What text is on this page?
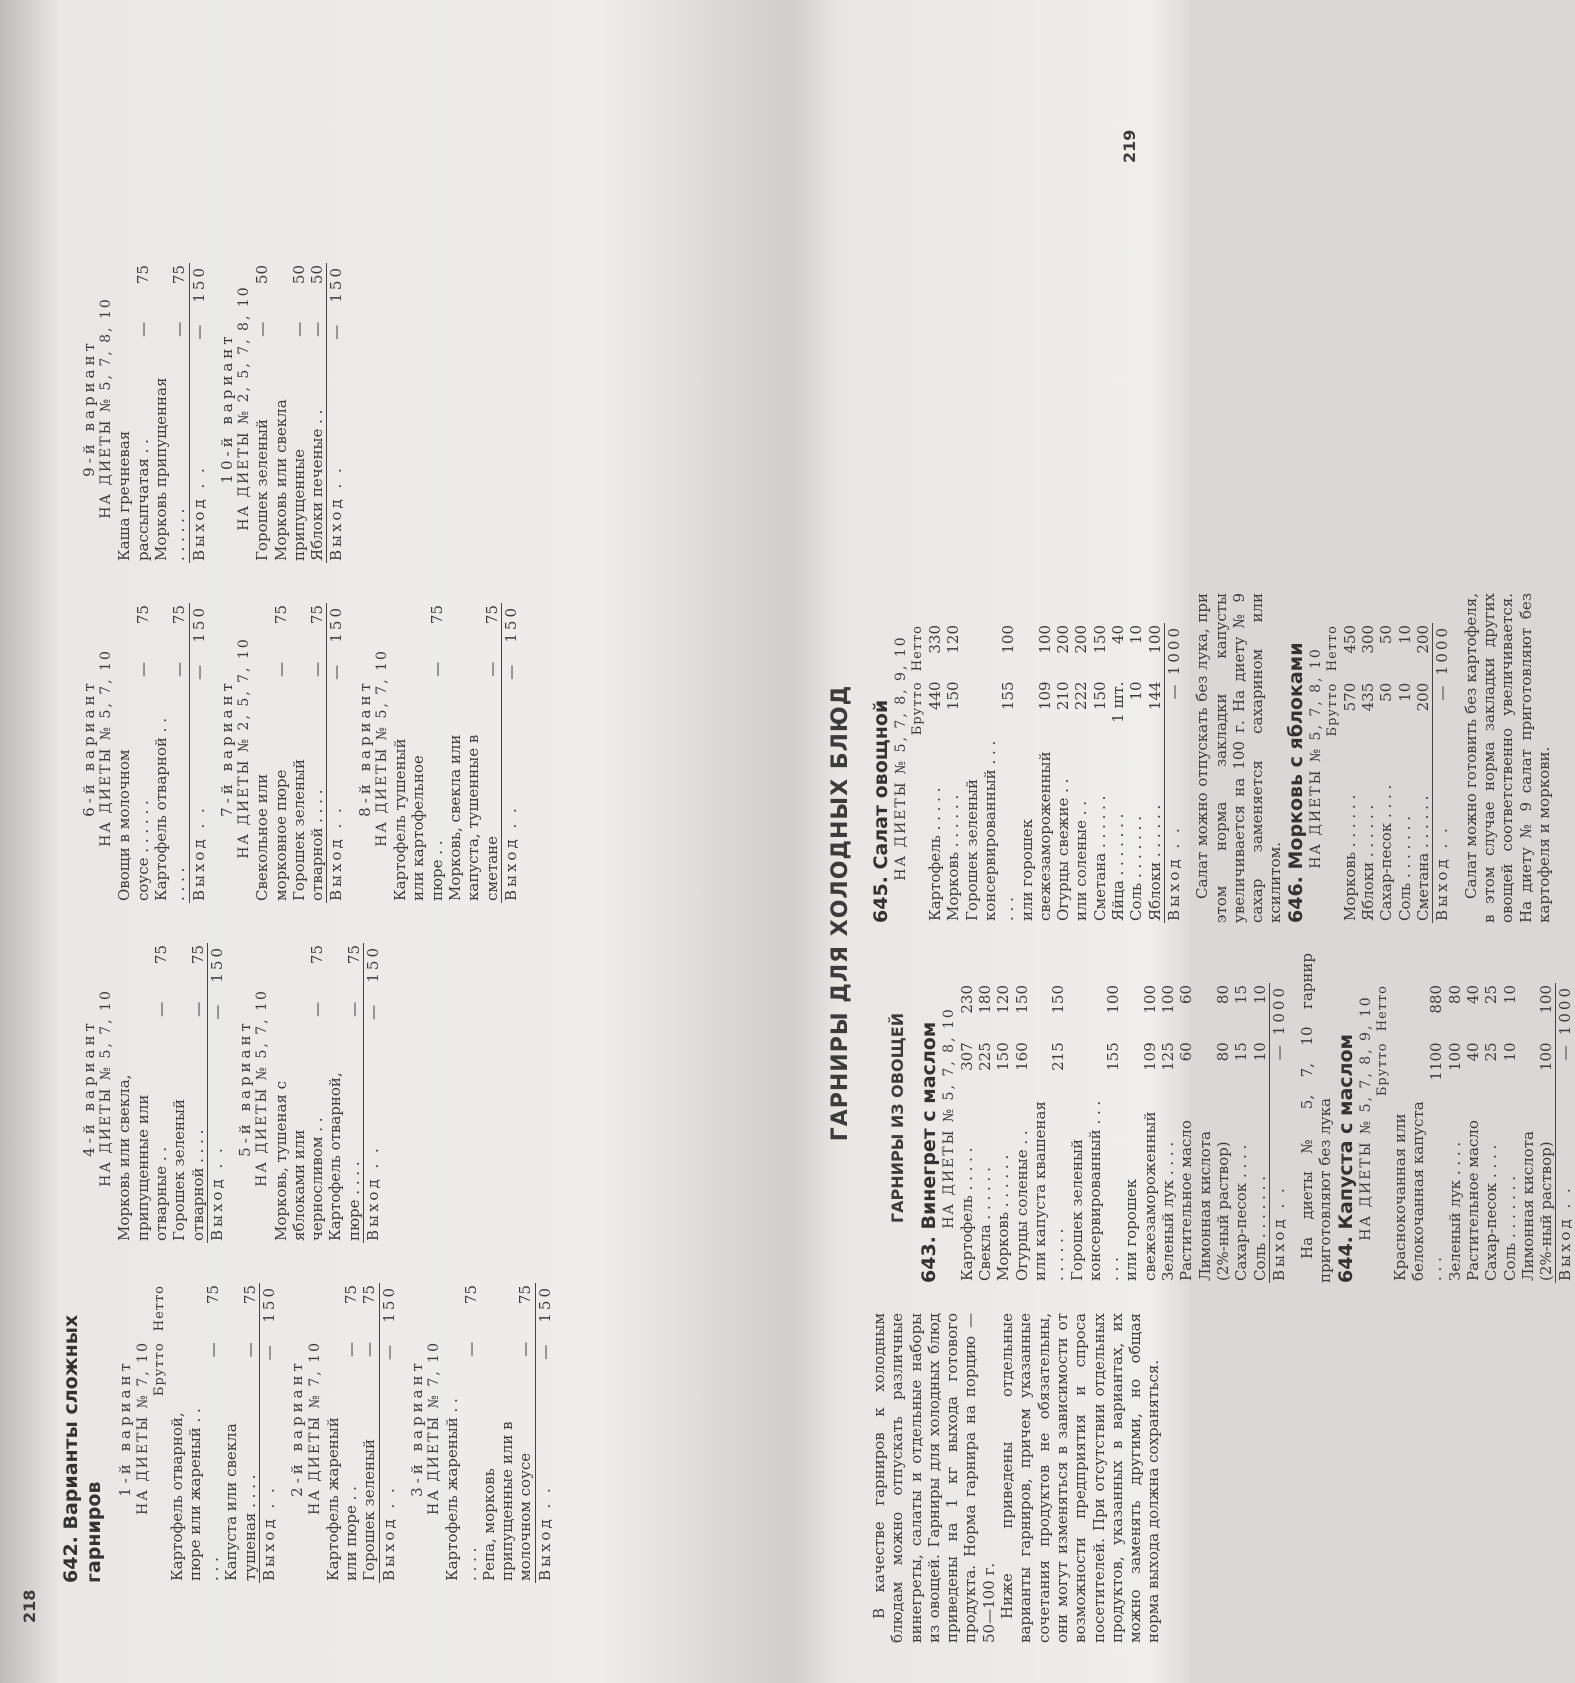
218
642. Варианты сложных гарниров
1-й вариант НА ДИЕТЫ № 7, 10
	Брутто	Нетто
Картофель отварной, пюре или жареный . . . . .	—	75
Капуста или свекла тушеная . . . .	—	75
Выход . .	—	150
2-й вариант НА ДИЕТЫ № 7, 10 Картофель жареный или пюре . .	—	75
Горошек зеленый	—	75
Выход . .	—	150
3-й вариант НА ДИЕТЫ № 7, 10 Картофель жареный . . . . . .	—	75
Репа, морковь припущенные или в молочном соусе	—	75
Выход . .	—	150
4-й вариант НА ДИЕТЫ № 5, 7, 10 Морковь или свекла, припущенные или отварные . .	—	75
Горошек зеленый отварной . . . .	—	75
Выход . .	—	150
5-й вариант НА ДИЕТЫ № 5, 7, 10 Морковь, тушеная с яблоками или черносливом . .	—	75
Картофель отварной, пюре . . . .	—	75
Выход . .	—	150
6-й вариант НА ДИЕТЫ № 5, 7, 10 Овощи в молочном соусе . . . . . .	—	75
Картофель отварной . . . . . .	—	75
Выход . .	—	150
7-й вариант НА ДИЕТЫ № 2, 5, 7, 10 Свекольное или морковное пюре	—	75
Горошек зеленый отварной . . . .	—	75
Выход . .	—	150
8-й вариант НА ДИЕТЫ № 5, 7, 10 Картофель тушеный или картофельное пюре . .	—	75
Морковь, свекла или капуста, тушенные в сметане	—	75
Выход . .	—	150
9-й вариант НА ДИЕТЫ № 5, 7, 8, 10 Каша гречневая рассыпчатая . .	—	75
Морковь припущенная . . . . . .	—	75
Выход . .	—	150
10-й вариант НА ДИЕТЫ № 2, 5, 7, 8, 10 Горошек зеленый	—	50
Морковь или свекла припущенные	—	50
Яблоки печеные . .	—	50
Выход . .	—	150
219
ГАРНИРЫ ДЛЯ ХОЛОДНЫХ БЛЮД

В качестве гарниров к холодным блюдам можно отпускать различные винегреты, салаты и отдельные наборы из овощей. Гарниры для холодных блюд приведены на 1 кг выхода готового продукта. Норма гарнира на порцию — 50—100 г. Ниже приведены отдельные варианты гарниров, причем указанные сочетания продуктов не обязательны, они могут изменяться в зависимости от возможности предприятия и спроса посетителей. При отсутствии отдельных продуктов, указанных в вариантах, их можно заменять другими, но общая норма выхода должна сохраняться.

ГАРНИРЫ ИЗ ОВОЩЕЙ 643. Винегрет с маслом НА ДИЕТЫ № 5, 7, 8, 10 Картофель . . . . .	307	230
Свекла . . . . . .	225	180
Морковь . . . . . .	150	120
Огурцы соленые . .	160	150
или капуста квашеная . . . . . .	215	150
Горошек зеленый консервированный . . . . . .	155	100
или горошек свежезамороженный	109	100
Зеленый лук . . . .	125	100
Растительное масло	60	60
Лимонная кислота (2%-ный раствор)	80	80
Сахар-песок . . . .	15	15
Соль . . . . . . .	10	10
Выход . .	—	1000 На диеты № 5, 7, 10 гарнир приготовляют без лука 644. Капуста с маслом НА ДИЕТЫ № 5, 7, 8, 9, 10
	Брутто	Нетто
Краснокочанная или белокочанная капуста . . .	1100	880
Зеленый лук . . . .	100	80
Растительное масло	40	40
Сахар-песок . . . .	25	25
Соль . . . . . . .	10	10
Лимонная кислота (2%-ный раствор)	100	100
Выход . .	—	1000
645. Салат овощной НА ДИЕТЫ № 5, 7, 8, 9, 10
	Брутто	Нетто
Картофель . . . . .	440	330
Морковь . . . . . .	150	120
Горошек зеленый консервированный . . . . . .	155	100
или горошек свежезамороженный	109	100
Огурцы свежие . .	210	200
или соленые . .	222	200
Сметана . . . . . .	150	150
Яйца . . . . . . .	1 шт.	40
Соль . . . . . . .	10	10
Яблоки . . . . . .	144	100
Выход . .	—	1000 Салат можно отпускать без лука, при этом норма закладки капусты увеличивается на 100 г. На диету № 9 сахар заменяется сахарином или ксилитом. 646. Морковь с яблоками НА ДИЕТЫ № 5, 7, 8, 10
	Брутто	Нетто
Морковь . . . . . .	570	450
Яблоки . . . . . .	435	300
Сахар-песок . . . .	50	50
Соль . . . . . . .	10	10
Сметана . . . . . .	200	200
Выход . .	—	1000 Салат можно готовить без картофеля, в этом случае норма закладки других овощей соответственно увеличивается. На диету № 9 салат приготовляют без картофеля и моркови.
